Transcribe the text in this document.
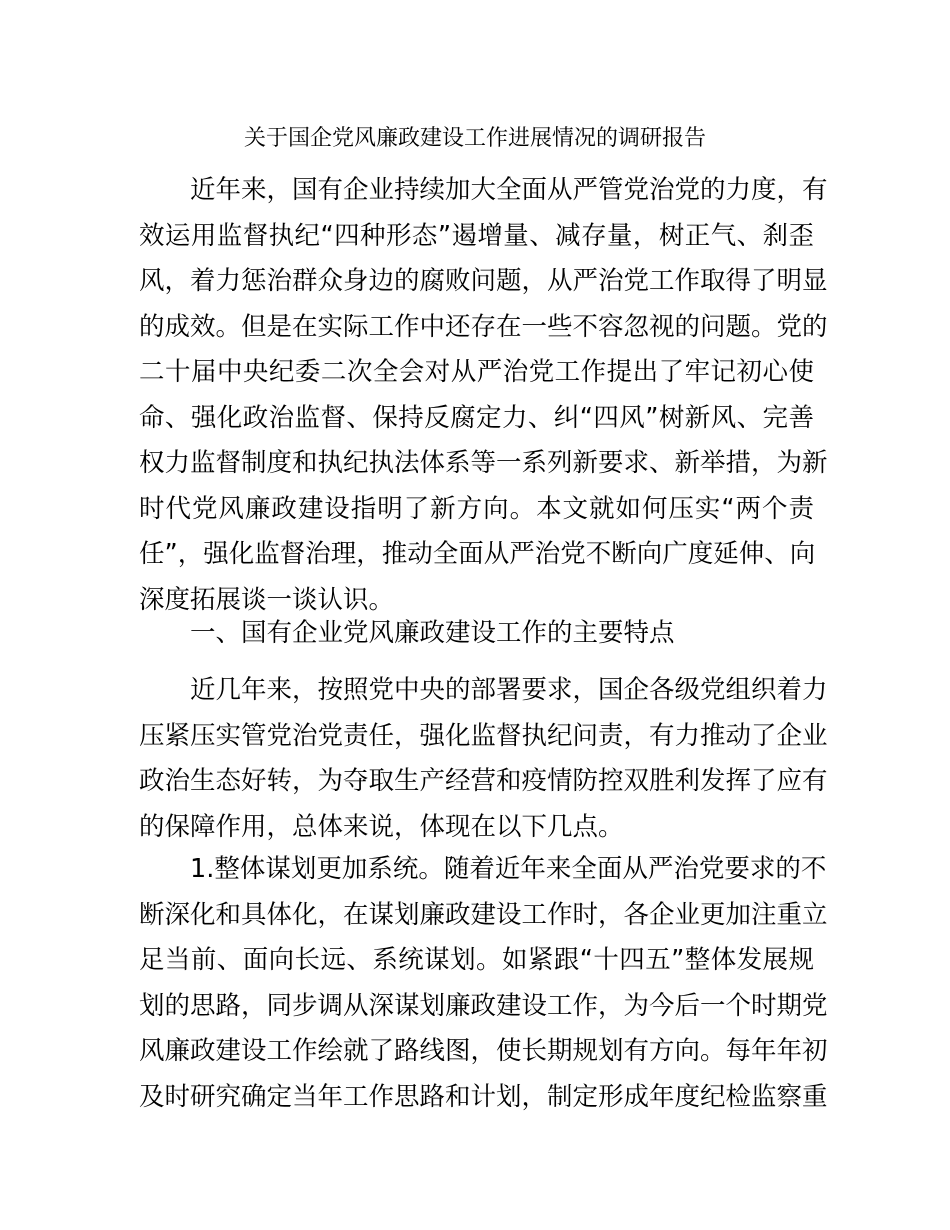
关于国企党风廉政建设工作进展情况的调研报告
近年来，国有企业持续加大全面从严管党治党的力度，有
效运用监督执纪“四种形态”遏增量、减存量，树正气、刹歪
风，着力惩治群众身边的腐败问题，从严治党工作取得了明显
的成效。但是在实际工作中还存在一些不容忽视的问题。党的
二十届中央纪委二次全会对从严治党工作提出了牢记初心使
命、强化政治监督、保持反腐定力、纠“四风”树新风、完善
权力监督制度和执纪执法体系等一系列新要求、新举措，为新
时代党风廉政建设指明了新方向。本文就如何压实“两个责
任”，强化监督治理，推动全面从严治党不断向广度延伸、向
深度拓展谈一谈认识。
一、国有企业党风廉政建设工作的主要特点
近几年来，按照党中央的部署要求，国企各级党组织着力
压紧压实管党治党责任，强化监督执纪问责，有力推动了企业
政治生态好转，为夺取生产经营和疫情防控双胜利发挥了应有
的保障作用，总体来说，体现在以下几点。
1.整体谋划更加系统。随着近年来全面从严治党要求的不
断深化和具体化，在谋划廉政建设工作时，各企业更加注重立
足当前、面向长远、系统谋划。如紧跟“十四五”整体发展规
划的思路，同步调从深谋划廉政建设工作，为今后一个时期党
风廉政建设工作绘就了路线图，使长期规划有方向。每年年初
及时研究确定当年工作思路和计划，制定形成年度纪检监察重
